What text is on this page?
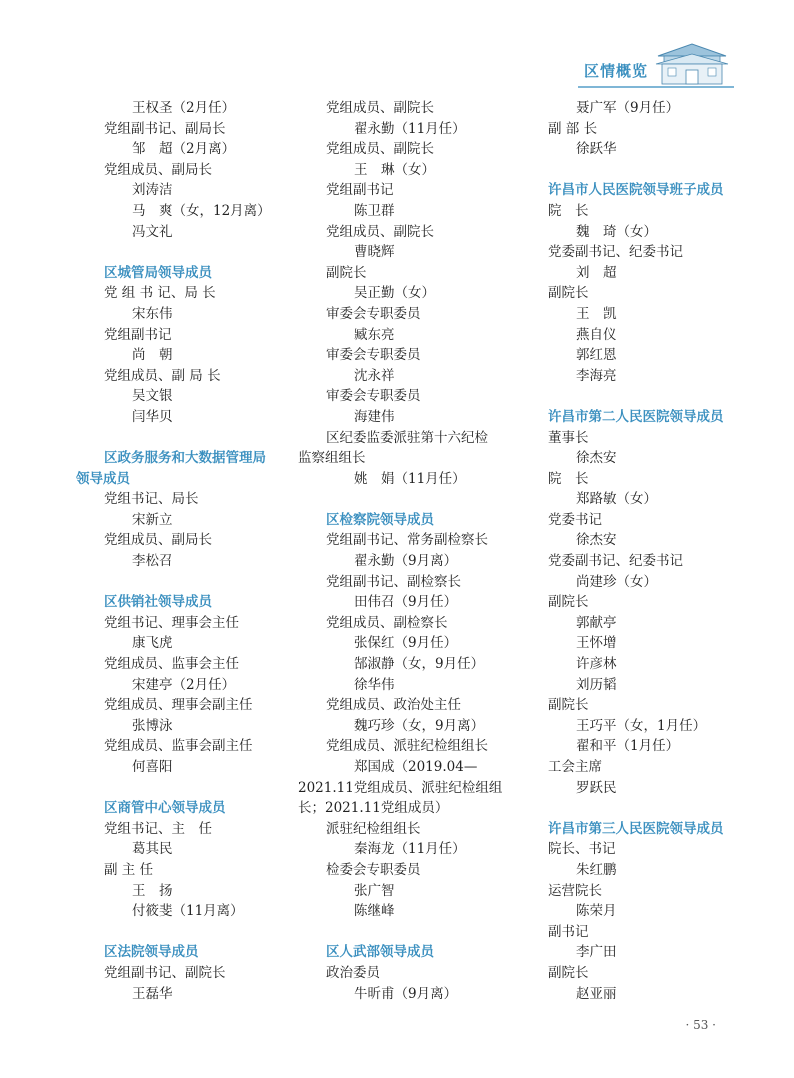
区情概览
王权圣（2月任）
党组副书记、副局长
邹　超（2月离）
党组成员、副局长
刘涛洁
马　爽（女，12月离）
冯文礼
区城管局领导成员
党 组 书 记、局 长
宋东伟
党组副书记
尚　朝
党组成员、副 局 长
吴文银
闫华贝
区政务服务和大数据管理局
领导成员
党组书记、局长
宋新立
党组成员、副局长
李松召
区供销社领导成员
党组书记、理事会主任
康飞虎
党组成员、监事会主任
宋建亭（2月任）
党组成员、理事会副主任
张博泳
党组成员、监事会副主任
何喜阳
区商管中心领导成员
党组书记、主　任
葛其民
副 主 任
王　扬
付筱斐（11月离）
区法院领导成员
党组副书记、副院长
王磊华
党组成员、副院长
翟永勤（11月任）
党组成员、副院长
王　琳（女）
党组副书记
陈卫群
党组成员、副院长
曹晓辉
副院长
吴正勤（女）
审委会专职委员
臧东亮
审委会专职委员
沈永祥
审委会专职委员
海建伟
区纪委监委派驻第十六纪检
监察组组长
姚　娟（11月任）
区检察院领导成员
党组副书记、常务副检察长
翟永勤（9月离）
党组副书记、副检察长
田伟召（9月任）
党组成员、副检察长
张保红（9月任）
郜淑静（女，9月任）
徐华伟
党组成员、政治处主任
魏巧珍（女，9月离）
党组成员、派驻纪检组组长
郑国成（2019.04—
2021.11党组成员、派驻纪检组组
长；2021.11党组成员）
派驻纪检组组长
秦海龙（11月任）
检委会专职委员
张广智
陈继峰
区人武部领导成员
政治委员
牛昕甫（9月离）
聂广军（9月任）
副 部 长
徐跃华
许昌市人民医院领导班子成员
院　长
魏　琦（女）
党委副书记、纪委书记
刘　超
副院长
王　凯
燕自仪
郭红恩
李海亮
许昌市第二人民医院领导成员
董事长
徐杰安
院　长
郑路敏（女）
党委书记
徐杰安
党委副书记、纪委书记
尚建珍（女）
副院长
郭献亭
王怀增
许彦林
刘历韬
副院长
王巧平（女，1月任）
翟和平（1月任）
工会主席
罗跃民
许昌市第三人民医院领导成员
院长、书记
朱红鹏
运营院长
陈荣月
副书记
李广田
副院长
赵亚丽
· 53 ·
